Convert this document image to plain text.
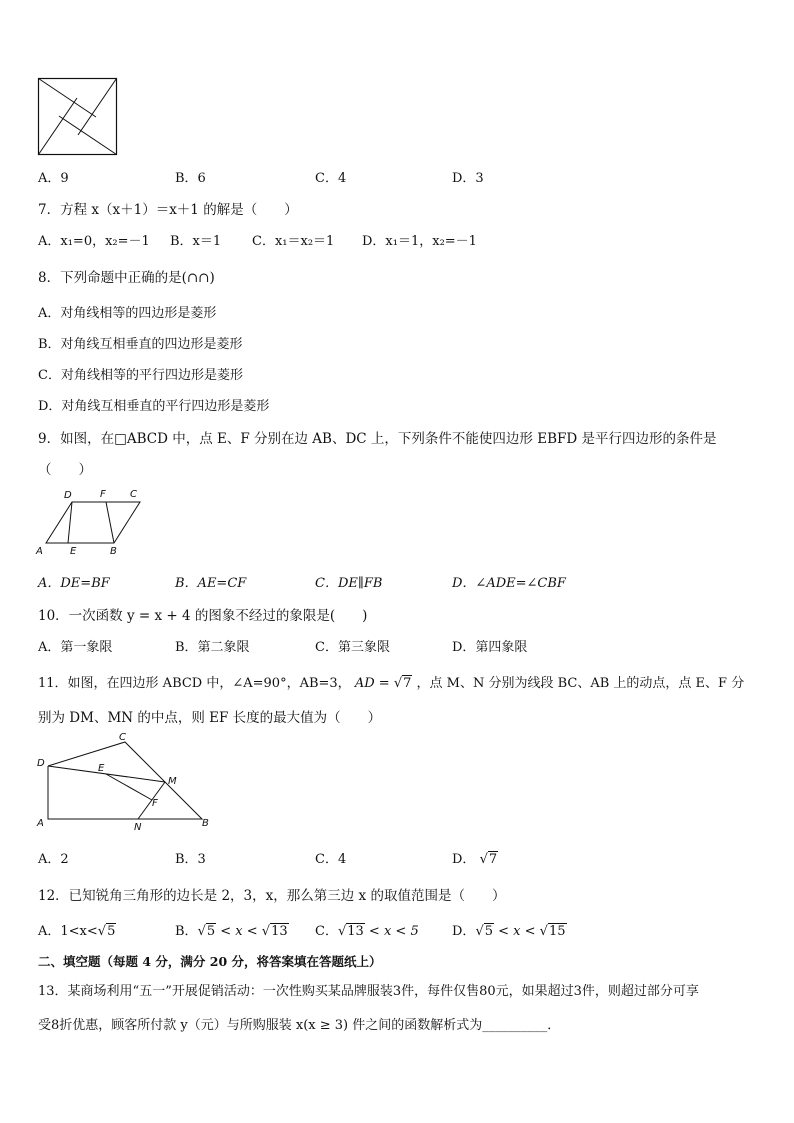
A．9	B．6	C．4	D．3
7．方程 x（x＋1）＝x＋1 的解是（　　）
A．x₁=0，x₂=－1 B．x＝1 C．x₁＝x₂＝1 D．x₁＝1，x₂=－1
8．下列命题中正确的是(∩∩)
A．对角线相等的四边形是菱形
B．对角线互相垂直的四边形是菱形
C．对角线相等的平行四边形是菱形
D．对角线互相垂直的平行四边形是菱形
9．如图，在□ABCD 中，点 E、F 分别在边 AB、DC 上，下列条件不能使四边形 EBFD 是平行四边形的条件是
（　　）
A	E	B
D	F C
A．DE=BF	B．AE=CF	C．DE∥FB	D．∠ADE=∠CBF
10．一次函数 y = x + 4 的图象不经过的象限是(　　)
A．第一象限	B．第二象限	C．第三象限	D．第四象限
11．如图，在四边形 ABCD 中，∠A=90°，AB=3， AD = √7 ，点 M、N 分别为线段 BC、AB 上的动点，点 E、F 分
别为 DM、MN 的中点，则 EF 长度的最大值为（　　）
D
A
C
E
M
F
N	B
A．2	B．3	C．4	D． √7
12．已知锐角三角形的边长是 2，3，x，那么第三边 x 的取值范围是（　　）
A．1<x<√5	B．√5 < x < √13 C．√13 < x < 5	D．√5 < x < √15
二、填空题（每题 4 分，满分 20 分，将答案填在答题纸上）
13．某商场利用“五一”开展促销活动：一次性购买某品牌服装3件，每件仅售80元，如果超过3件，则超过部分可享
受8折优惠，顾客所付款 y（元）与所购服装 x(x ≥ 3) 件之间的函数解析式为__________．
